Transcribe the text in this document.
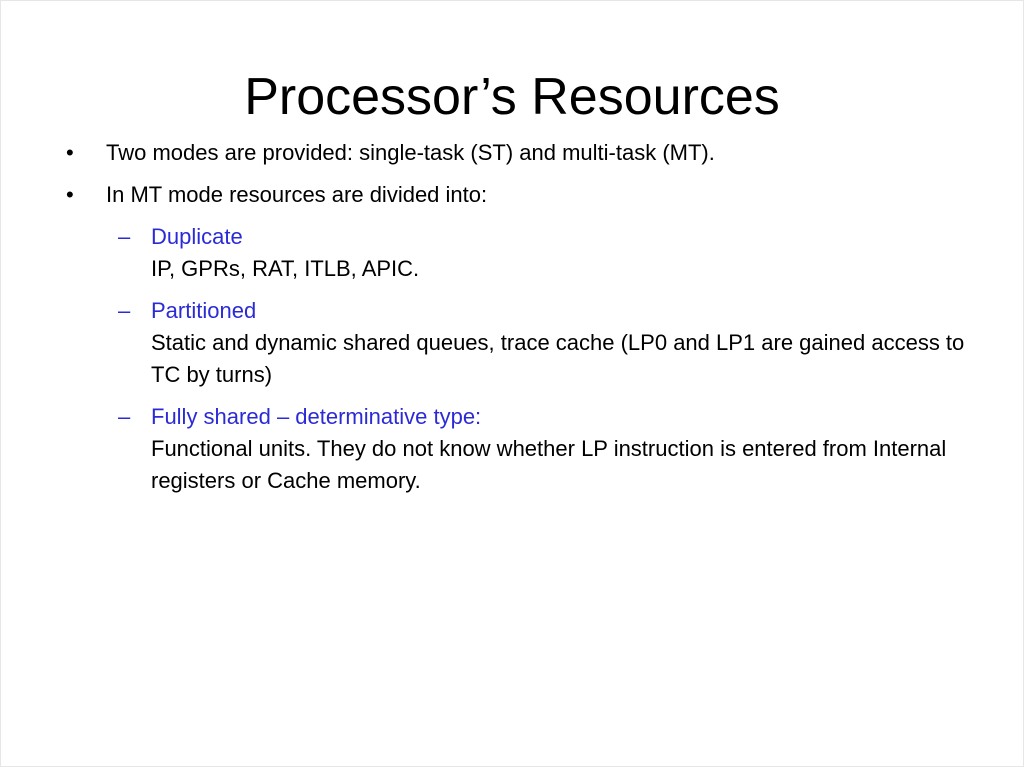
Processor’s Resources
• Two modes are provided: single-task (ST) and multi-task (MT).
• In MT mode resources are divided into:
– Duplicate
IP, GPRs, RAT, ITLB, APIC.
– Partitioned
Static and dynamic shared queues, trace cache (LP0 and LP1 are gained access to TC by turns)
– Fully shared – determinative type:
Functional units. They do not know whether LP instruction is entered from Internal registers or Cache memory.
